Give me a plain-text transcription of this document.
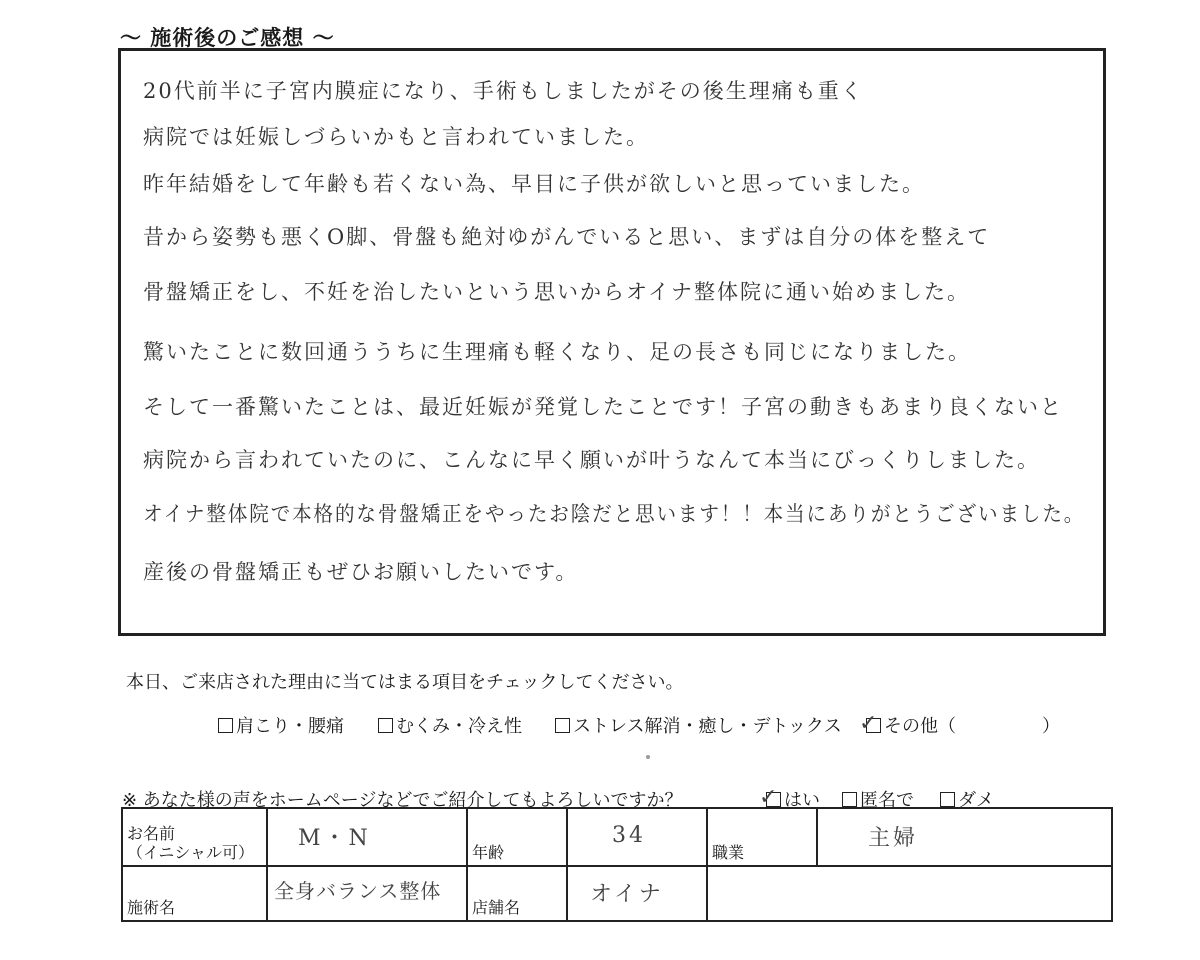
～ 施術後のご感想 ～
20代前半に子宮内膜症になり、手術もしましたがその後生理痛も重く
病院では妊娠しづらいかもと言われていました。
昨年結婚をして年齢も若くない為、早目に子供が欲しいと思っていました。
昔から姿勢も悪くO脚、骨盤も絶対ゆがんでいると思い、まずは自分の体を整えて
骨盤矯正をし、不妊を治したいという思いからオイナ整体院に通い始めました。
驚いたことに数回通ううちに生理痛も軽くなり、足の長さも同じになりました。
そして一番驚いたことは、最近妊娠が発覚したことです！子宮の動きもあまり良くないと
病院から言われていたのに、こんなに早く願いが叶うなんて本当にびっくりしました。
オイナ整体院で本格的な骨盤矯正をやったお陰だと思います！！本当にありがとうございました。
産後の骨盤矯正もぜひお願いしたいです。
本日、ご来店された理由に当てはまる項目をチェックしてください。
肩こり・腰痛	むくみ・冷え性	ストレス解消・癒し・デトックス ✓ その他（	）
※ あなた様の声をホームページなどでご紹介してもよろしいですか？	✓ はい	匿名で	ダメ
お名前
（イニシャル可）	M・N	年齢	34	職業	主婦

施術名	全身バランス整体	店舗名	オイナ		
